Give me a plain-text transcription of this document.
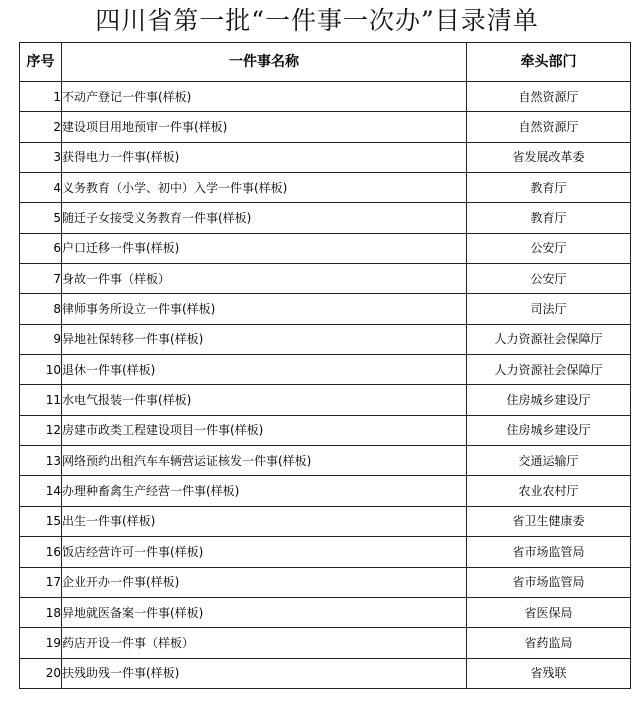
四川省第一批“一件事一次办”目录清单
序号	一件事名称	牵头部门
1	不动产登记一件事(样板)	自然资源厅
2	建设项目用地预审一件事(样板)	自然资源厅
3	获得电力一件事(样板)	省发展改革委
4	义务教育（小学、初中）入学一件事(样板)	教育厅
5	随迁子女接受义务教育一件事(样板)	教育厅
6	户口迁移一件事(样板)	公安厅
7	身故一件事（样板）	公安厅
8	律师事务所设立一件事(样板)	司法厅
9	异地社保转移一件事(样板)	人力资源社会保障厅
10	退休一件事(样板)	人力资源社会保障厅
11	水电气报装一件事(样板)	住房城乡建设厅
12	房建市政类工程建设项目一件事(样板)	住房城乡建设厅
13	网络预约出租汽车车辆营运证核发一件事(样板)	交通运输厅
14	办理种畜禽生产经营一件事(样板)	农业农村厅
15	出生一件事(样板)	省卫生健康委
16	饭店经营许可一件事(样板)	省市场监管局
17	企业开办一件事(样板)	省市场监管局
18	异地就医备案一件事(样板)	省医保局
19	药店开设一件事（样板）	省药监局
20	扶残助残一件事(样板)	省残联
